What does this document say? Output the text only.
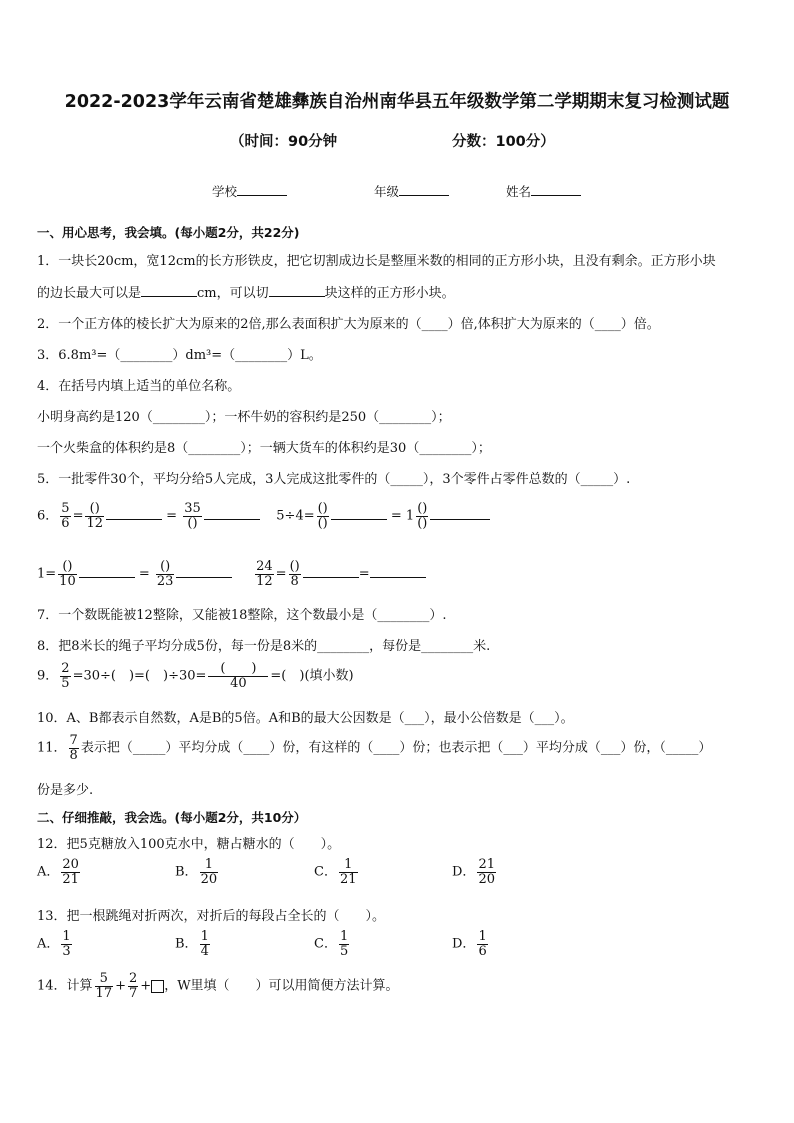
2022-2023学年云南省楚雄彝族自治州南华县五年级数学第二学期期末复习检测试题
（时间：90分钟	分数：100分）
学校	年级	姓名
一、用心思考，我会填。(每小题2分，共22分)
1．一块长20cm，宽12cm的长方形铁皮，把它切割成边长是整厘米数的相同的正方形小块，且没有剩余。正方形小块
的边长最大可以是	cm，可以切	块这样的正方形小块。
2．一个正方体的棱长扩大为原来的2倍,那么表面积扩大为原来的（____）倍,体积扩大为原来的（____）倍。
3．6.8m³=（________）dm³=（________）L。
4．在括号内填上适当的单位名称。
小明身高约是120（________）；一杯牛奶的容积约是250（________）；
一个火柴盒的体积约是8（________）；一辆大货车的体积约是30（________）；
5．一批零件30个，平均分给5人完成，3人完成这批零件的（_____），3个零件占零件总数的（_____）.
6． $\frac{5}{6} = \frac{()}{12}$	= $\frac{35}{()}$	$5\div 4= \frac{()}{()}$	= $1 \frac{()}{()}$
$1= \frac{()}{10}$	= $\frac{()}{23}$
	$\frac{24}{12} = \frac{()}{8}$	=
7．一个数既能被12整除，又能被18整除，这个数最小是（________）.
8．把8米长的绳子平均分成5份，每一份是8米的________，每份是________米.
9． $\frac{2}{5} =30\div$(　)=(　)$\div 30= \frac{( )}{40}$ =(　)(填小数)
10．A、B都表示自然数，A是B的5倍。A和B的最大公因数是（___），最小公倍数是（___）。
11． $\frac{7}{8}$ 表示把（_____）平均分成（____）份，有这样的（____）份；也表示把（___）平均分成（___）份，（_____）
份是多少.
二、仔细推敲，我会选。(每小题2分，共10分）
12．把5克糖放入100克水中，糖占糖水的（　　）。
A． $\frac{20}{21}$	B． $\frac{1}{20}$	C． $\frac{1}{21}$	D． $\frac{21}{20}$
13．把一根跳绳对折两次，对折后的每段占全长的（　　）。
A． $\frac{1}{3}$	B． $\frac{1}{4}$	C． $\frac{1}{5}$	D． $\frac{1}{6}$
14．计算 $\frac{5}{17} + \frac{2}{7}$ + ，W里填（　　）可以用简便方法计算。
